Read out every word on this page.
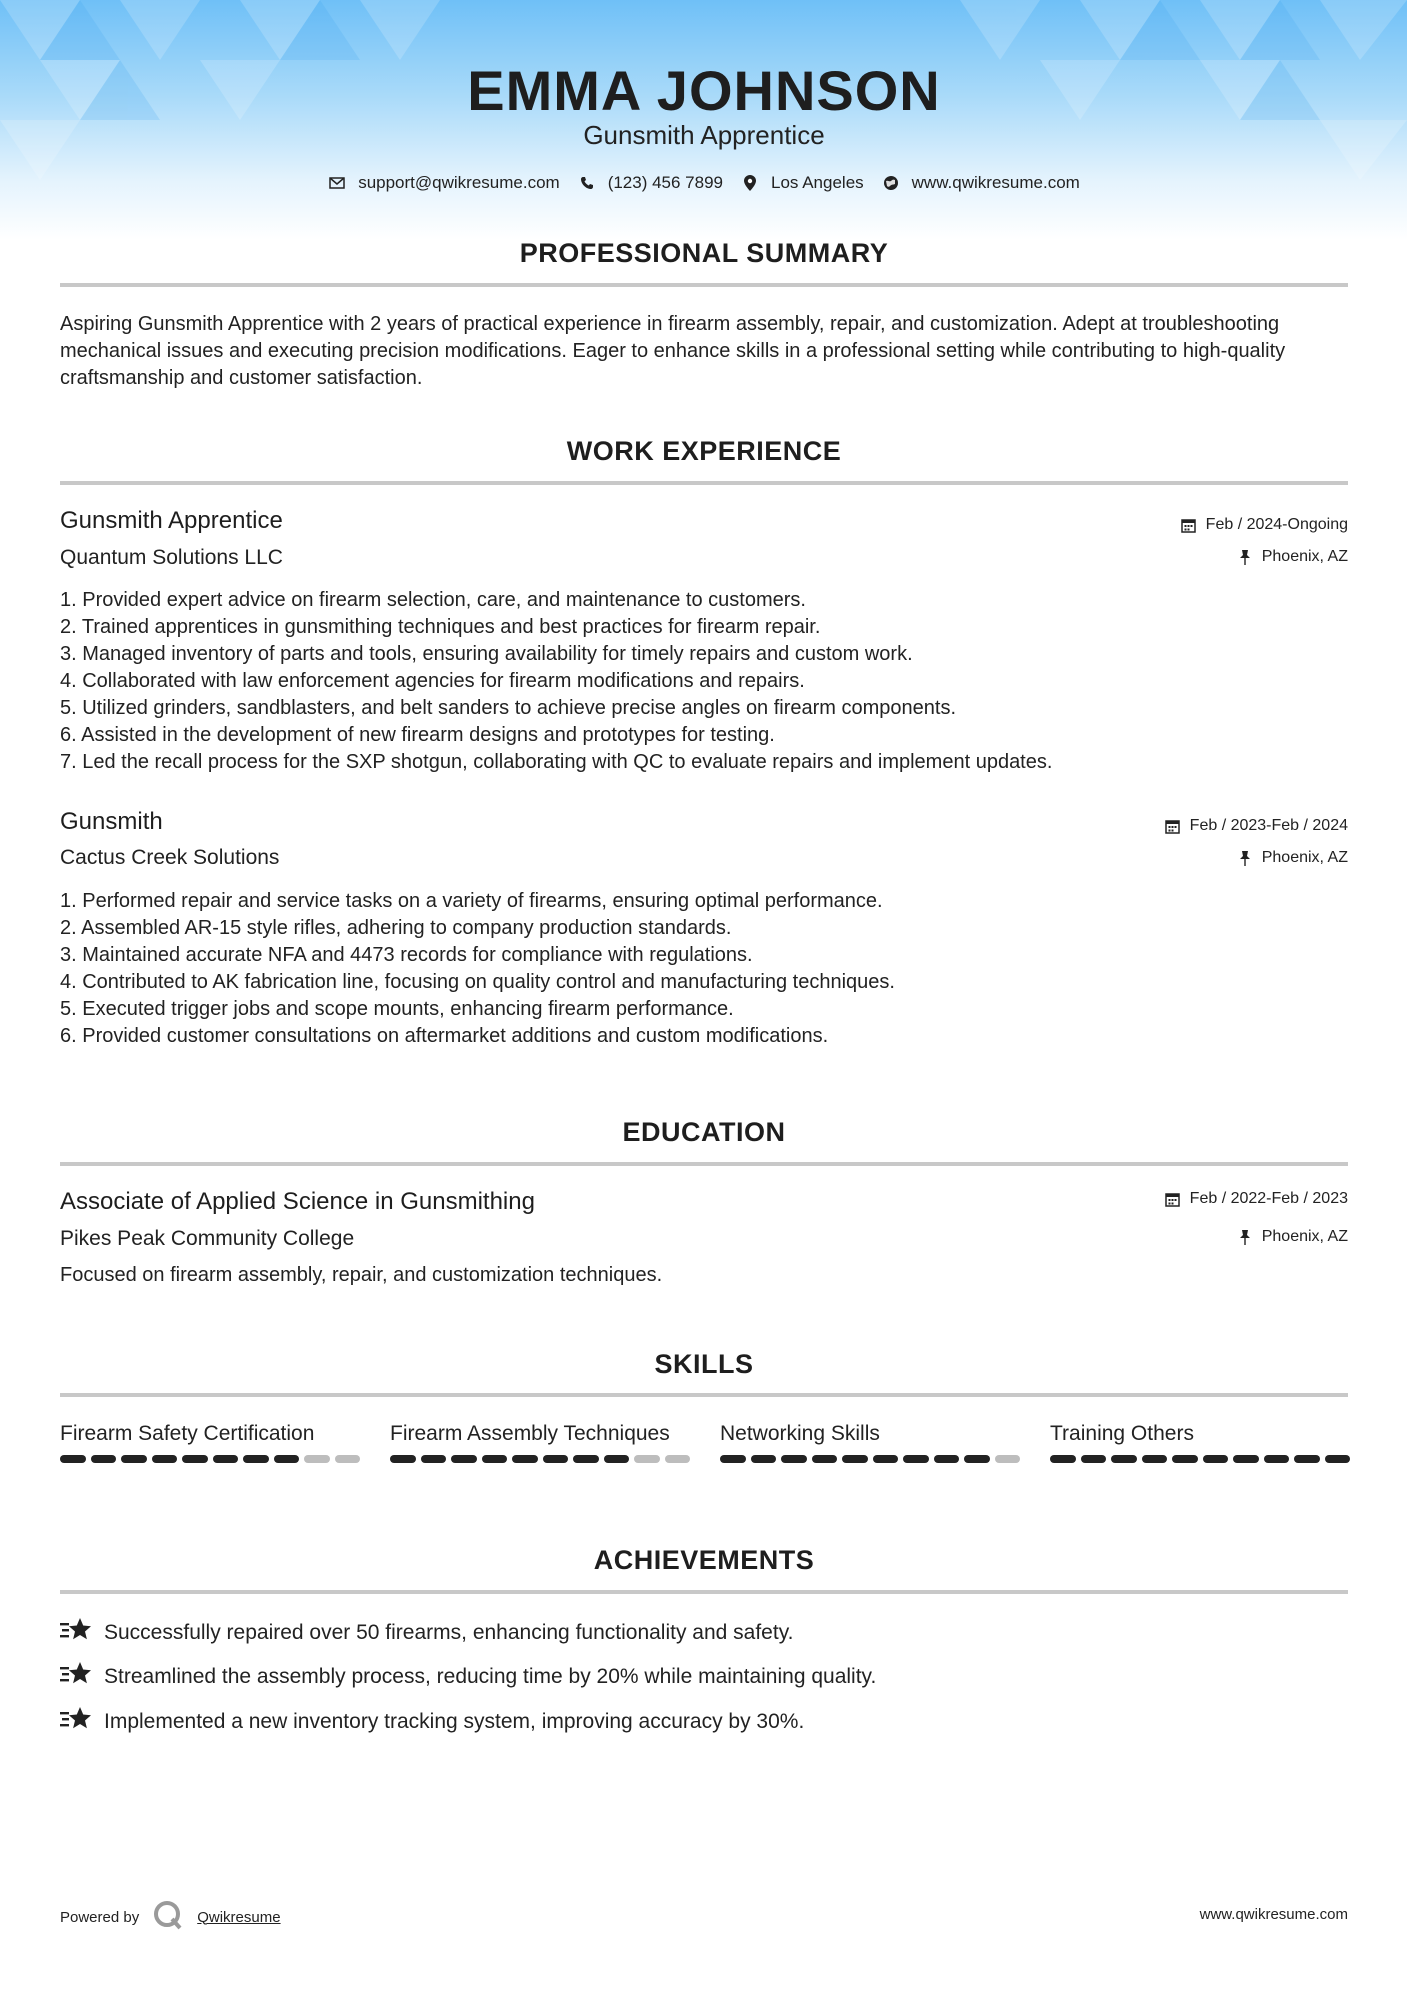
EMMA JOHNSON
Gunsmith Apprentice
support@qwikresume.com	(123) 456 7899	Los Angeles	www.qwikresume.com
PROFESSIONAL SUMMARY
Aspiring Gunsmith Apprentice with 2 years of practical experience in firearm assembly, repair, and customization. Adept at troubleshooting mechanical issues and executing precision modifications. Eager to enhance skills in a professional setting while contributing to high-quality craftsmanship and customer satisfaction.
WORK EXPERIENCE
Gunsmith Apprentice
Quantum Solutions LLC
Feb / 2024-Ongoing
Phoenix, AZ
1. Provided expert advice on firearm selection, care, and maintenance to customers.
2. Trained apprentices in gunsmithing techniques and best practices for firearm repair.
3. Managed inventory of parts and tools, ensuring availability for timely repairs and custom work.
4. Collaborated with law enforcement agencies for firearm modifications and repairs.
5. Utilized grinders, sandblasters, and belt sanders to achieve precise angles on firearm components.
6. Assisted in the development of new firearm designs and prototypes for testing.
7. Led the recall process for the SXP shotgun, collaborating with QC to evaluate repairs and implement updates.
Gunsmith
Cactus Creek Solutions
Feb / 2023-Feb / 2024
Phoenix, AZ
1. Performed repair and service tasks on a variety of firearms, ensuring optimal performance.
2. Assembled AR-15 style rifles, adhering to company production standards.
3. Maintained accurate NFA and 4473 records for compliance with regulations.
4. Contributed to AK fabrication line, focusing on quality control and manufacturing techniques.
5. Executed trigger jobs and scope mounts, enhancing firearm performance.
6. Provided customer consultations on aftermarket additions and custom modifications.
EDUCATION
Associate of Applied Science in Gunsmithing
Pikes Peak Community College
Feb / 2022-Feb / 2023
Phoenix, AZ
Focused on firearm assembly, repair, and customization techniques.
SKILLS
Firearm Safety Certification	Firearm Assembly Techniques	Networking Skills	Training Others
ACHIEVEMENTS
Successfully repaired over 50 firearms, enhancing functionality and safety.
Streamlined the assembly process, reducing time by 20% while maintaining quality.
Implemented a new inventory tracking system, improving accuracy by 30%.
Powered by	Qwikresume	www.qwikresume.com
